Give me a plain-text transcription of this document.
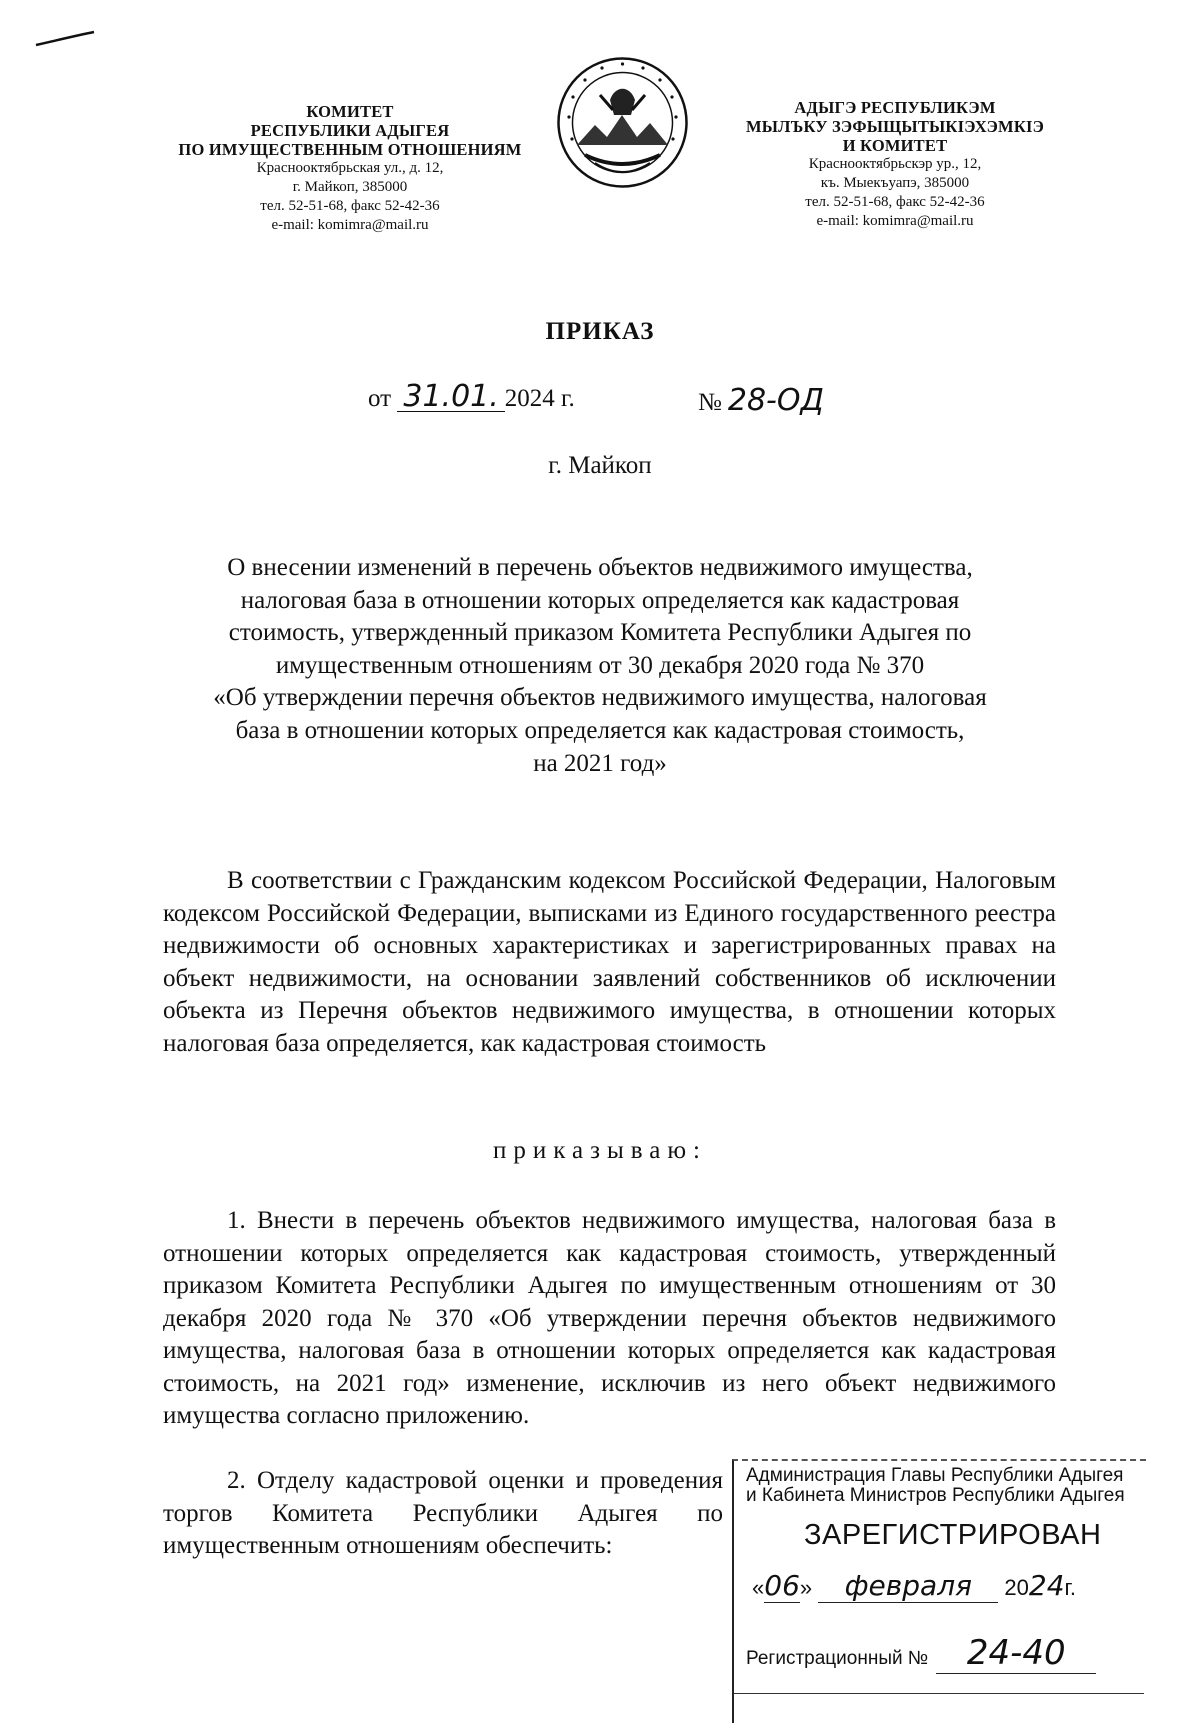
КОМИТЕТ
РЕСПУБЛИКИ АДЫГЕЯ
ПО ИМУЩЕСТВЕННЫМ ОТНОШЕНИЯМ
Краснооктябрьская ул., д. 12,
г. Майкоп, 385000
тел. 52-51-68, факс 52-42-36
e-mail: komimra@mail.ru
АДЫГЭ РЕСПУБЛИКЭМ
МЫЛЪКУ ЗЭФЫЩЫТЫКIЭХЭМКIЭ
И КОМИТЕТ
Краснооктябрьскэр ур., 12,
къ. Мыекъуапэ, 385000
тел. 52-51-68, факс 52-42-36
e-mail: komimra@mail.ru
ПРИКАЗ
от 31.01. 2024 г.	№ 28-ОД
г. Майкоп
О внесении изменений в перечень объектов недвижимого имущества,
налоговая база в отношении которых определяется как кадастровая
стоимость, утвержденный приказом Комитета Республики Адыгея по
имущественным отношениям от 30 декабря 2020 года № 370
«Об утверждении перечня объектов недвижимого имущества, налоговая
база в отношении которых определяется как кадастровая стоимость,
на 2021 год»
В соответствии с Гражданским кодексом Российской Федерации, Налоговым кодексом Российской Федерации, выписками из Единого государственного реестра недвижимости об основных характеристиках и зарегистрированных правах на объект недвижимости, на основании заявлений собственников об исключении объекта из Перечня объектов недвижимого имущества, в отношении которых налоговая база определяется, как кадастровая стоимость
приказываю:
1. Внести в перечень объектов недвижимого имущества, налоговая база в отношении которых определяется как кадастровая стоимость, утвержденный приказом Комитета Республики Адыгея по имущественным отношениям от 30 декабря 2020 года № 370 «Об утверждении перечня объектов недвижимого имущества, налоговая база в отношении которых определяется как кадастровая стоимость, на 2021 год» изменение, исключив из него объект недвижимого имущества согласно приложению.
2. Отделу кадастровой оценки и проведения торгов Комитета Республики Адыгея по имущественным отношениям обеспечить:
Администрация Главы Республики Адыгея
и Кабинета Министров Республики Адыгея
ЗАРЕГИСТРИРОВАН
«06» февраля 2024г.
Регистрационный № 24-40
